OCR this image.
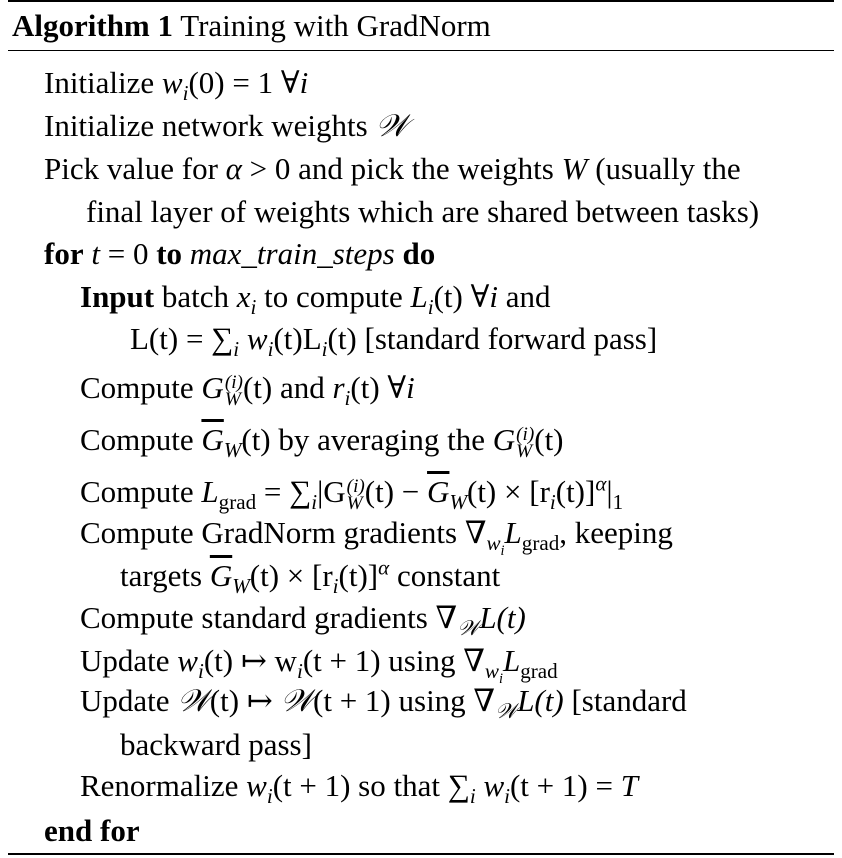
Algorithm 1 Training with GradNorm
Initialize $w_i(0) = 1$ ∀i
Initialize network weights 𝒲
Pick value for α > 0 and pick the weights W (usually the
final layer of weights which are shared between tasks)
for t = 0 to max_train_steps do
Input batch $x_i$ to compute $L_i(t)$ ∀i and
$L(t) = \sum_i$ $w_i(t)L_i(t)$ [standard forward pass]
Compute G (i)
W (t) and $r_i(t)$ ∀i
Compute $\overline{G}_W(t)$ by averaging the G (i)
W (t)
Compute $L_{grad} = \sum_i|G$ (i)
W $(t) - \overline{G}_W(t) \times [r_i(t)]^\alpha|_1$
Compute GradNorm gradients $\nabla_{w_i}L_{grad}$, keeping
targets $\overline{G}_W(t) \times [r_i(t)]^\alpha$ constant
Compute standard gradients $\nabla_𝒲L(t)$
Update $w_i(t)$ ↦ $w_i(t + 1)$ using $\nabla_{w_i}L_{grad}$
Update 𝒲(t) ↦ 𝒲(t + 1) using $\nabla_𝒲L(t)$ [standard
backward pass]
Renormalize $w_i(t + 1)$ so that $\sum_i$ $w_i(t + 1) = T$
end for
